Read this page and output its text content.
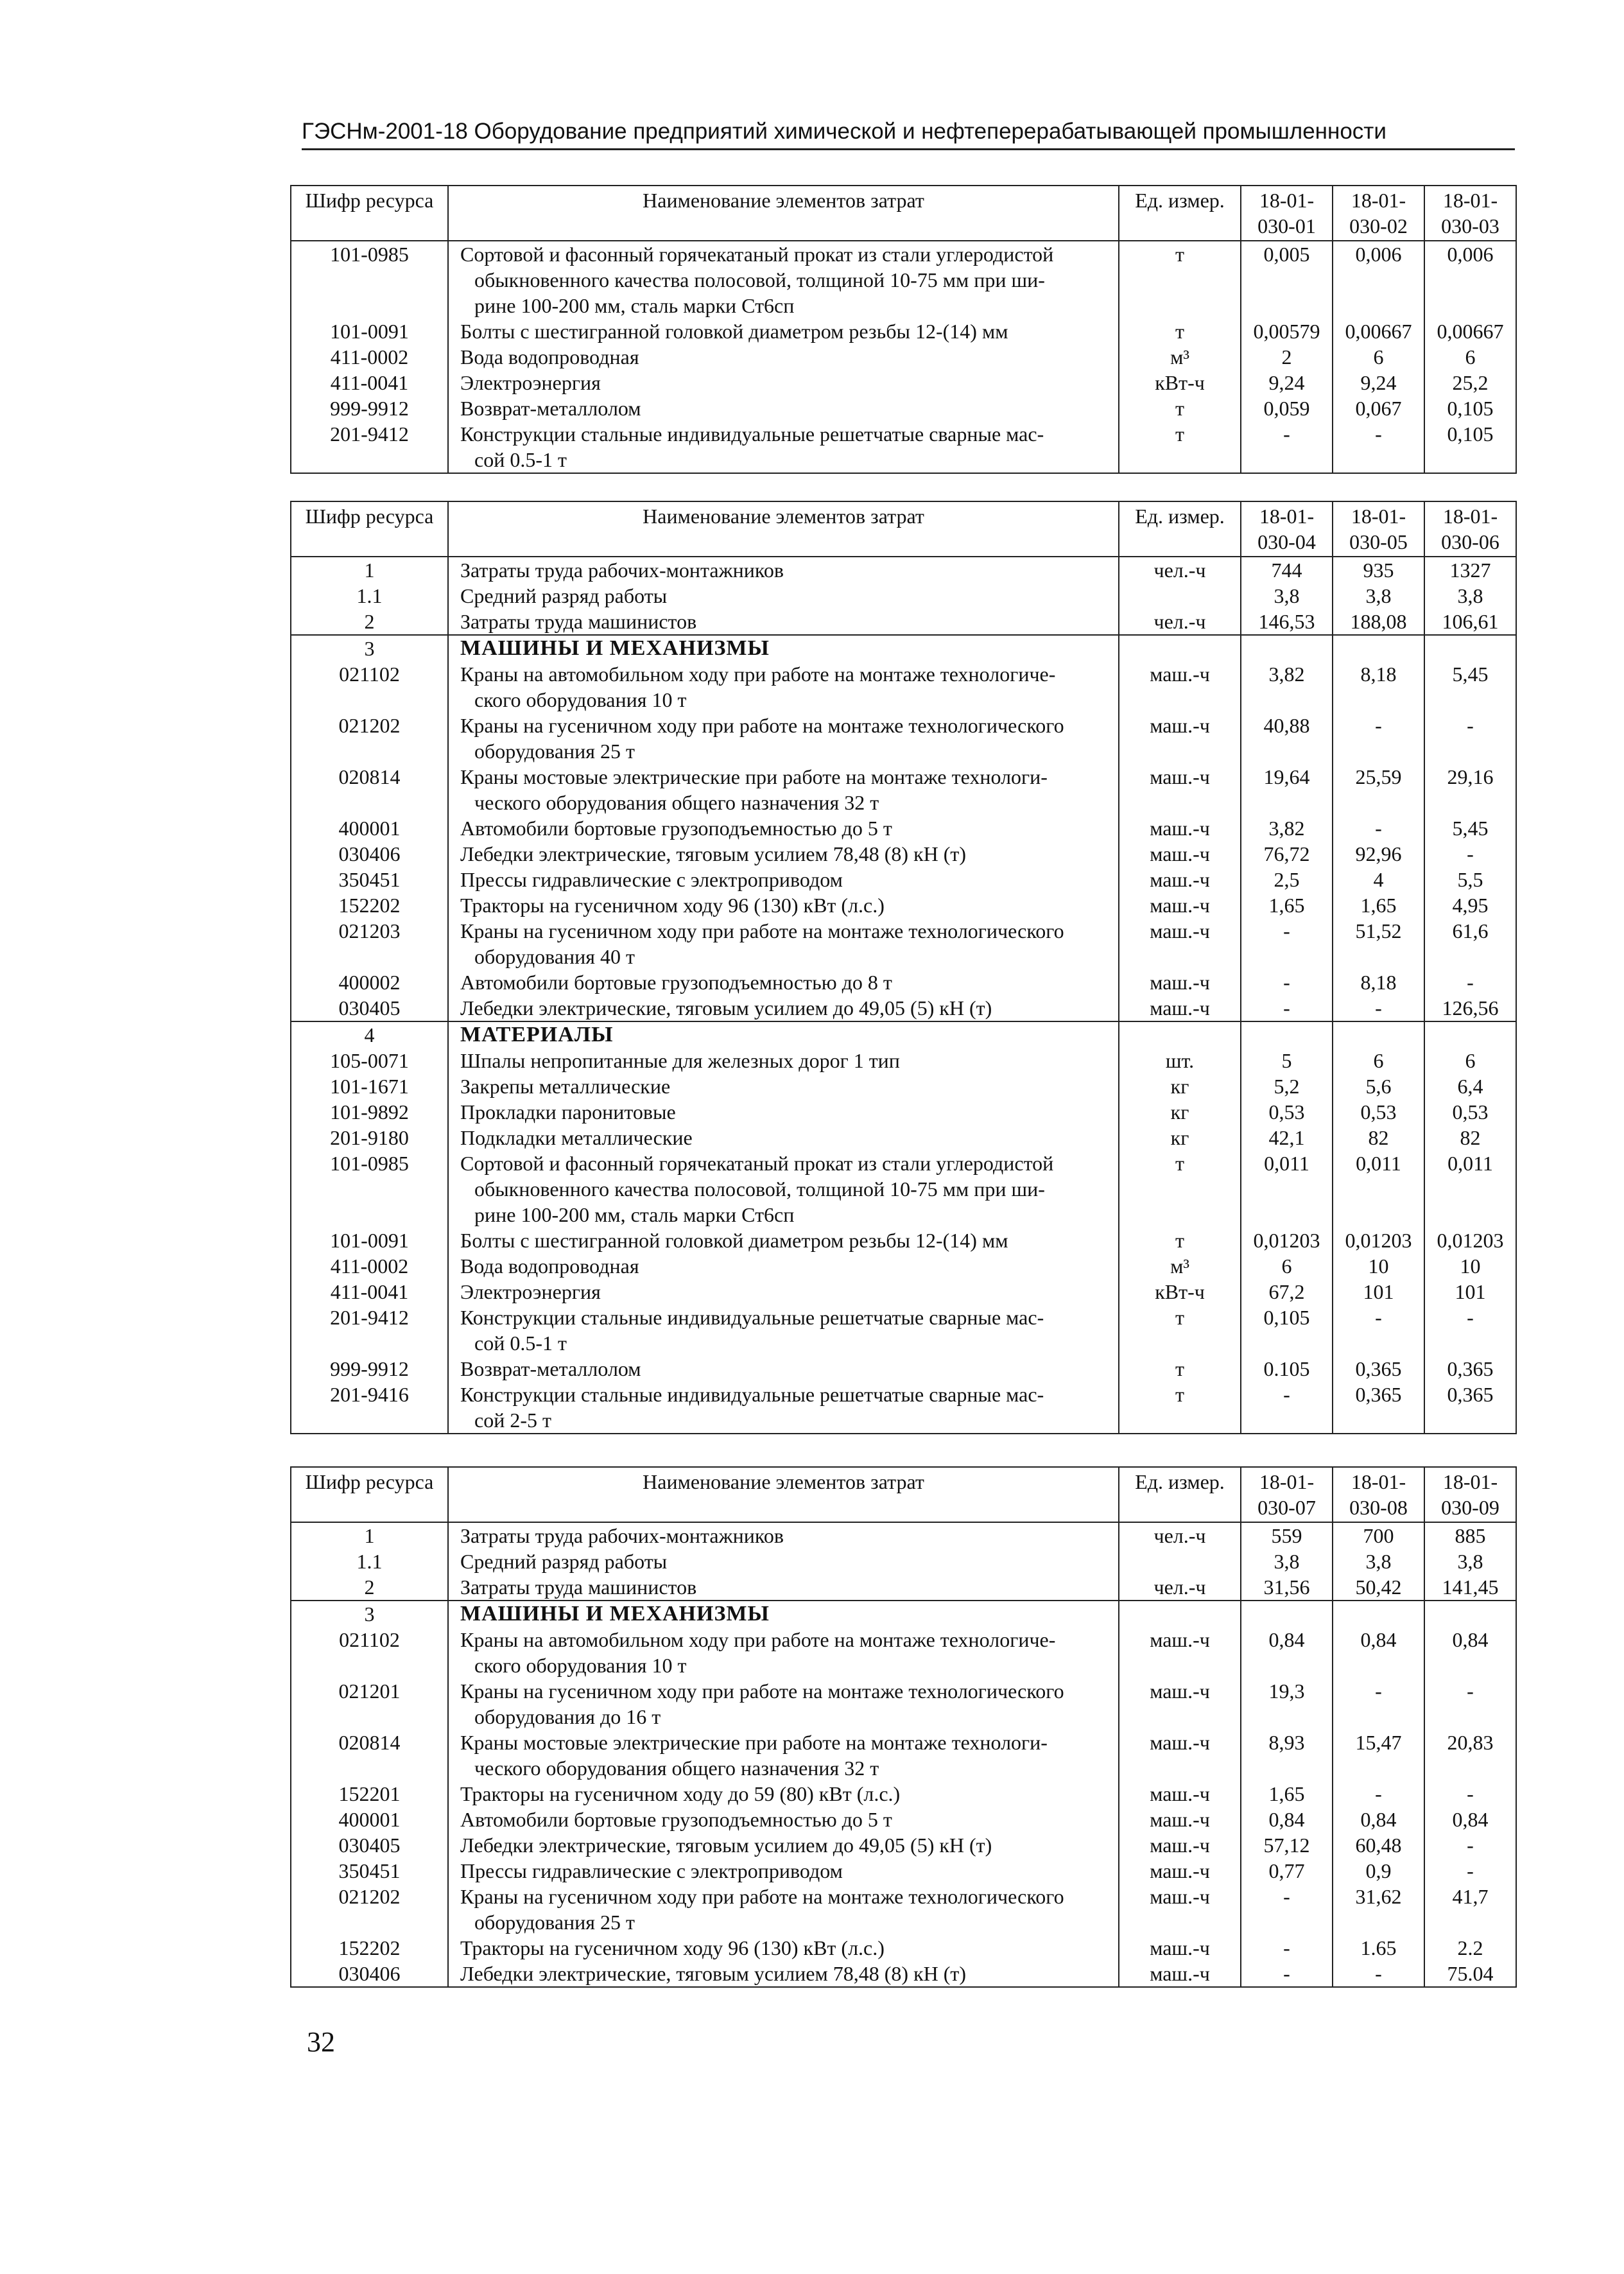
ГЭСНм-2001-18 Оборудование предприятий химической и нефтеперерабатывающей промышленности
Шифр ресурса	Наименование элементов затрат	Ед. измер.	18-01-
030-01	18-01-
030-02	18-01-
030-03

101-0985	Сортовой и фасонный горячекатаный прокат из стали углеродистой
обыкновенного качества полосовой, толщиной 10-75 мм при ши-
рине 100-200 мм, сталь марки Ст6сп	т	0,005	0,006	0,006
101-0091	Болты с шестигранной головкой диаметром резьбы 12-(14) мм	т	0,00579	0,00667	0,00667
411-0002	Вода водопроводная	м³	2	6	6
411-0041	Электроэнергия	кВт-ч	9,24	9,24	25,2
999-9912	Возврат-металлолом	т	0,059	0,067	0,105
201-9412	Конструкции стальные индивидуальные решетчатые сварные мас-
сой 0.5-1 т	т	-	-	0,105
Шифр ресурса	Наименование элементов затрат	Ед. измер.	18-01-
030-04	18-01-
030-05	18-01-
030-06

1	Затраты труда рабочих-монтажников	чел.-ч	744	935	1327
1.1	Средний разряд работы		3,8	3,8	3,8
2	Затраты труда машинистов	чел.-ч	146,53	188,08	106,61
3	МАШИНЫ И МЕХАНИЗМЫ				

021102	Краны на автомобильном ходу при работе на монтаже технологиче-
ского оборудования 10 т	маш.-ч	3,82	8,18	5,45
021202	Краны на гусеничном ходу при работе на монтаже технологического
оборудования 25 т	маш.-ч	40,88	-	-
020814	Краны мостовые электрические при работе на монтаже технологи-
ческого оборудования общего назначения 32 т	маш.-ч	19,64	25,59	29,16
400001	Автомобили бортовые грузоподъемностью до 5 т	маш.-ч	3,82	-	5,45
030406	Лебедки электрические, тяговым усилием 78,48 (8) кН (т)	маш.-ч	76,72	92,96	-
350451	Прессы гидравлические с электроприводом	маш.-ч	2,5	4	5,5
152202	Тракторы на гусеничном ходу 96 (130) кВт (л.с.)	маш.-ч	1,65	1,65	4,95
021203	Краны на гусеничном ходу при работе на монтаже технологического
оборудования 40 т	маш.-ч	-	51,52	61,6
400002	Автомобили бортовые грузоподъемностью до 8 т	маш.-ч	-	8,18	-
030405	Лебедки электрические, тяговым усилием до 49,05 (5) кН (т)	маш.-ч	-	-	126,56
4	МАТЕРИАЛЫ				

105-0071	Шпалы непропитанные для железных дорог 1 тип	шт.	5	6	6
101-1671	Закрепы металлические	кг	5,2	5,6	6,4
101-9892	Прокладки паронитовые	кг	0,53	0,53	0,53
201-9180	Подкладки металлические	кг	42,1	82	82
101-0985	Сортовой и фасонный горячекатаный прокат из стали углеродистой
обыкновенного качества полосовой, толщиной 10-75 мм при ши-
рине 100-200 мм, сталь марки Ст6сп	т	0,011	0,011	0,011
101-0091	Болты с шестигранной головкой диаметром резьбы 12-(14) мм	т	0,01203	0,01203	0,01203
411-0002	Вода водопроводная	м³	6	10	10
411-0041	Электроэнергия	кВт-ч	67,2	101	101
201-9412	Конструкции стальные индивидуальные решетчатые сварные мас-
сой 0.5-1 т	т	0,105	-	-
999-9912	Возврат-металлолом	т	0.105	0,365	0,365
201-9416	Конструкции стальные индивидуальные решетчатые сварные мас-
сой 2-5 т	т	-	0,365	0,365
Шифр ресурса	Наименование элементов затрат	Ед. измер.	18-01-
030-07	18-01-
030-08	18-01-
030-09

1	Затраты труда рабочих-монтажников	чел.-ч	559	700	885
1.1	Средний разряд работы		3,8	3,8	3,8
2	Затраты труда машинистов	чел.-ч	31,56	50,42	141,45
3	МАШИНЫ И МЕХАНИЗМЫ				

021102	Краны на автомобильном ходу при работе на монтаже технологиче-
ского оборудования 10 т	маш.-ч	0,84	0,84	0,84
021201	Краны на гусеничном ходу при работе на монтаже технологического
оборудования до 16 т	маш.-ч	19,3	-	-
020814	Краны мостовые электрические при работе на монтаже технологи-
ческого оборудования общего назначения 32 т	маш.-ч	8,93	15,47	20,83
152201	Тракторы на гусеничном ходу до 59 (80) кВт (л.с.)	маш.-ч	1,65	-	-
400001	Автомобили бортовые грузоподъемностью до 5 т	маш.-ч	0,84	0,84	0,84
030405	Лебедки электрические, тяговым усилием до 49,05 (5) кН (т)	маш.-ч	57,12	60,48	-
350451	Прессы гидравлические с электроприводом	маш.-ч	0,77	0,9	-
021202	Краны на гусеничном ходу при работе на монтаже технологического
оборудования 25 т	маш.-ч	-	31,62	41,7
152202	Тракторы на гусеничном ходу 96 (130) кВт (л.с.)	маш.-ч	-	1.65	2.2
030406	Лебедки электрические, тяговым усилием 78,48 (8) кН (т)	маш.-ч	-	-	75.04
32
